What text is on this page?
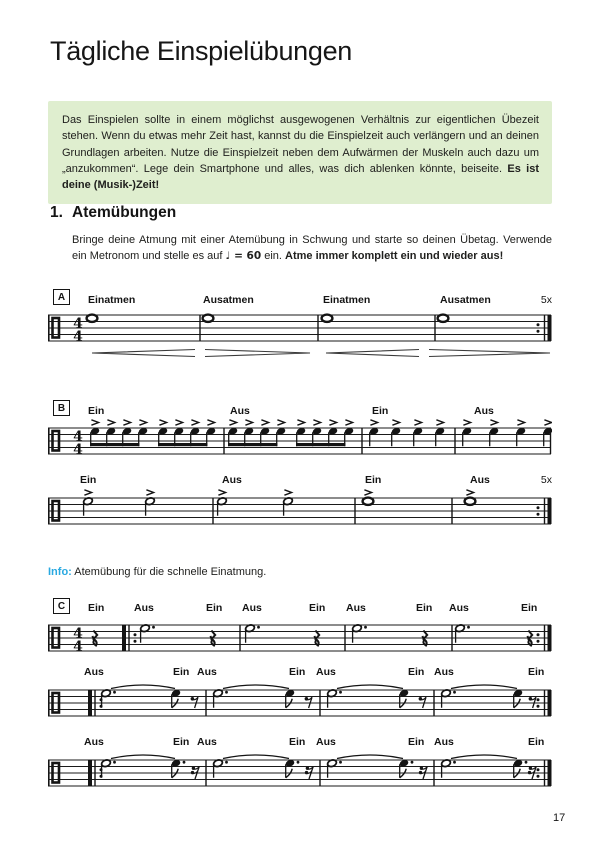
Tägliche Einspielübungen
Das Einspielen sollte in einem möglichst ausgewogenen Verhältnis zur eigentlichen Übezeit stehen. Wenn du etwas mehr Zeit hast, kannst du die Einspielzeit auch verlängern und an deinen Grundlagen arbeiten. Nutze die Einspielzeit neben dem Aufwärmen der Muskeln auch dazu um „anzukommen“. Lege dein Smartphone und alles, was dich ablenken könnte, beiseite. Es ist deine (Musik-)Zeit!
1. Atemübungen

Bringe deine Atmung mit einer Atemübung in Schwung und starte so deinen Übetag. Verwende ein Metronom und stelle es auf ♩ = 60 ein. Atme immer komplett ein und wieder aus!

A	Einatmen	Ausatmen	Einatmen	Ausatmen	5x
4
4
B	Ein	Aus	Ein	Aus
4
4
Ein	Aus	Ein	Aus	5x
Info: Atemübung für die schnelle Einatmung.
C	Ein	Aus	Ein Aus	Ein Aus	Ein Aus	Ein
4
4
Aus	Ein Aus	Ein Aus	Ein Aus	Ein
Aus	Ein Aus	Ein Aus	Ein Aus	Ein
17
